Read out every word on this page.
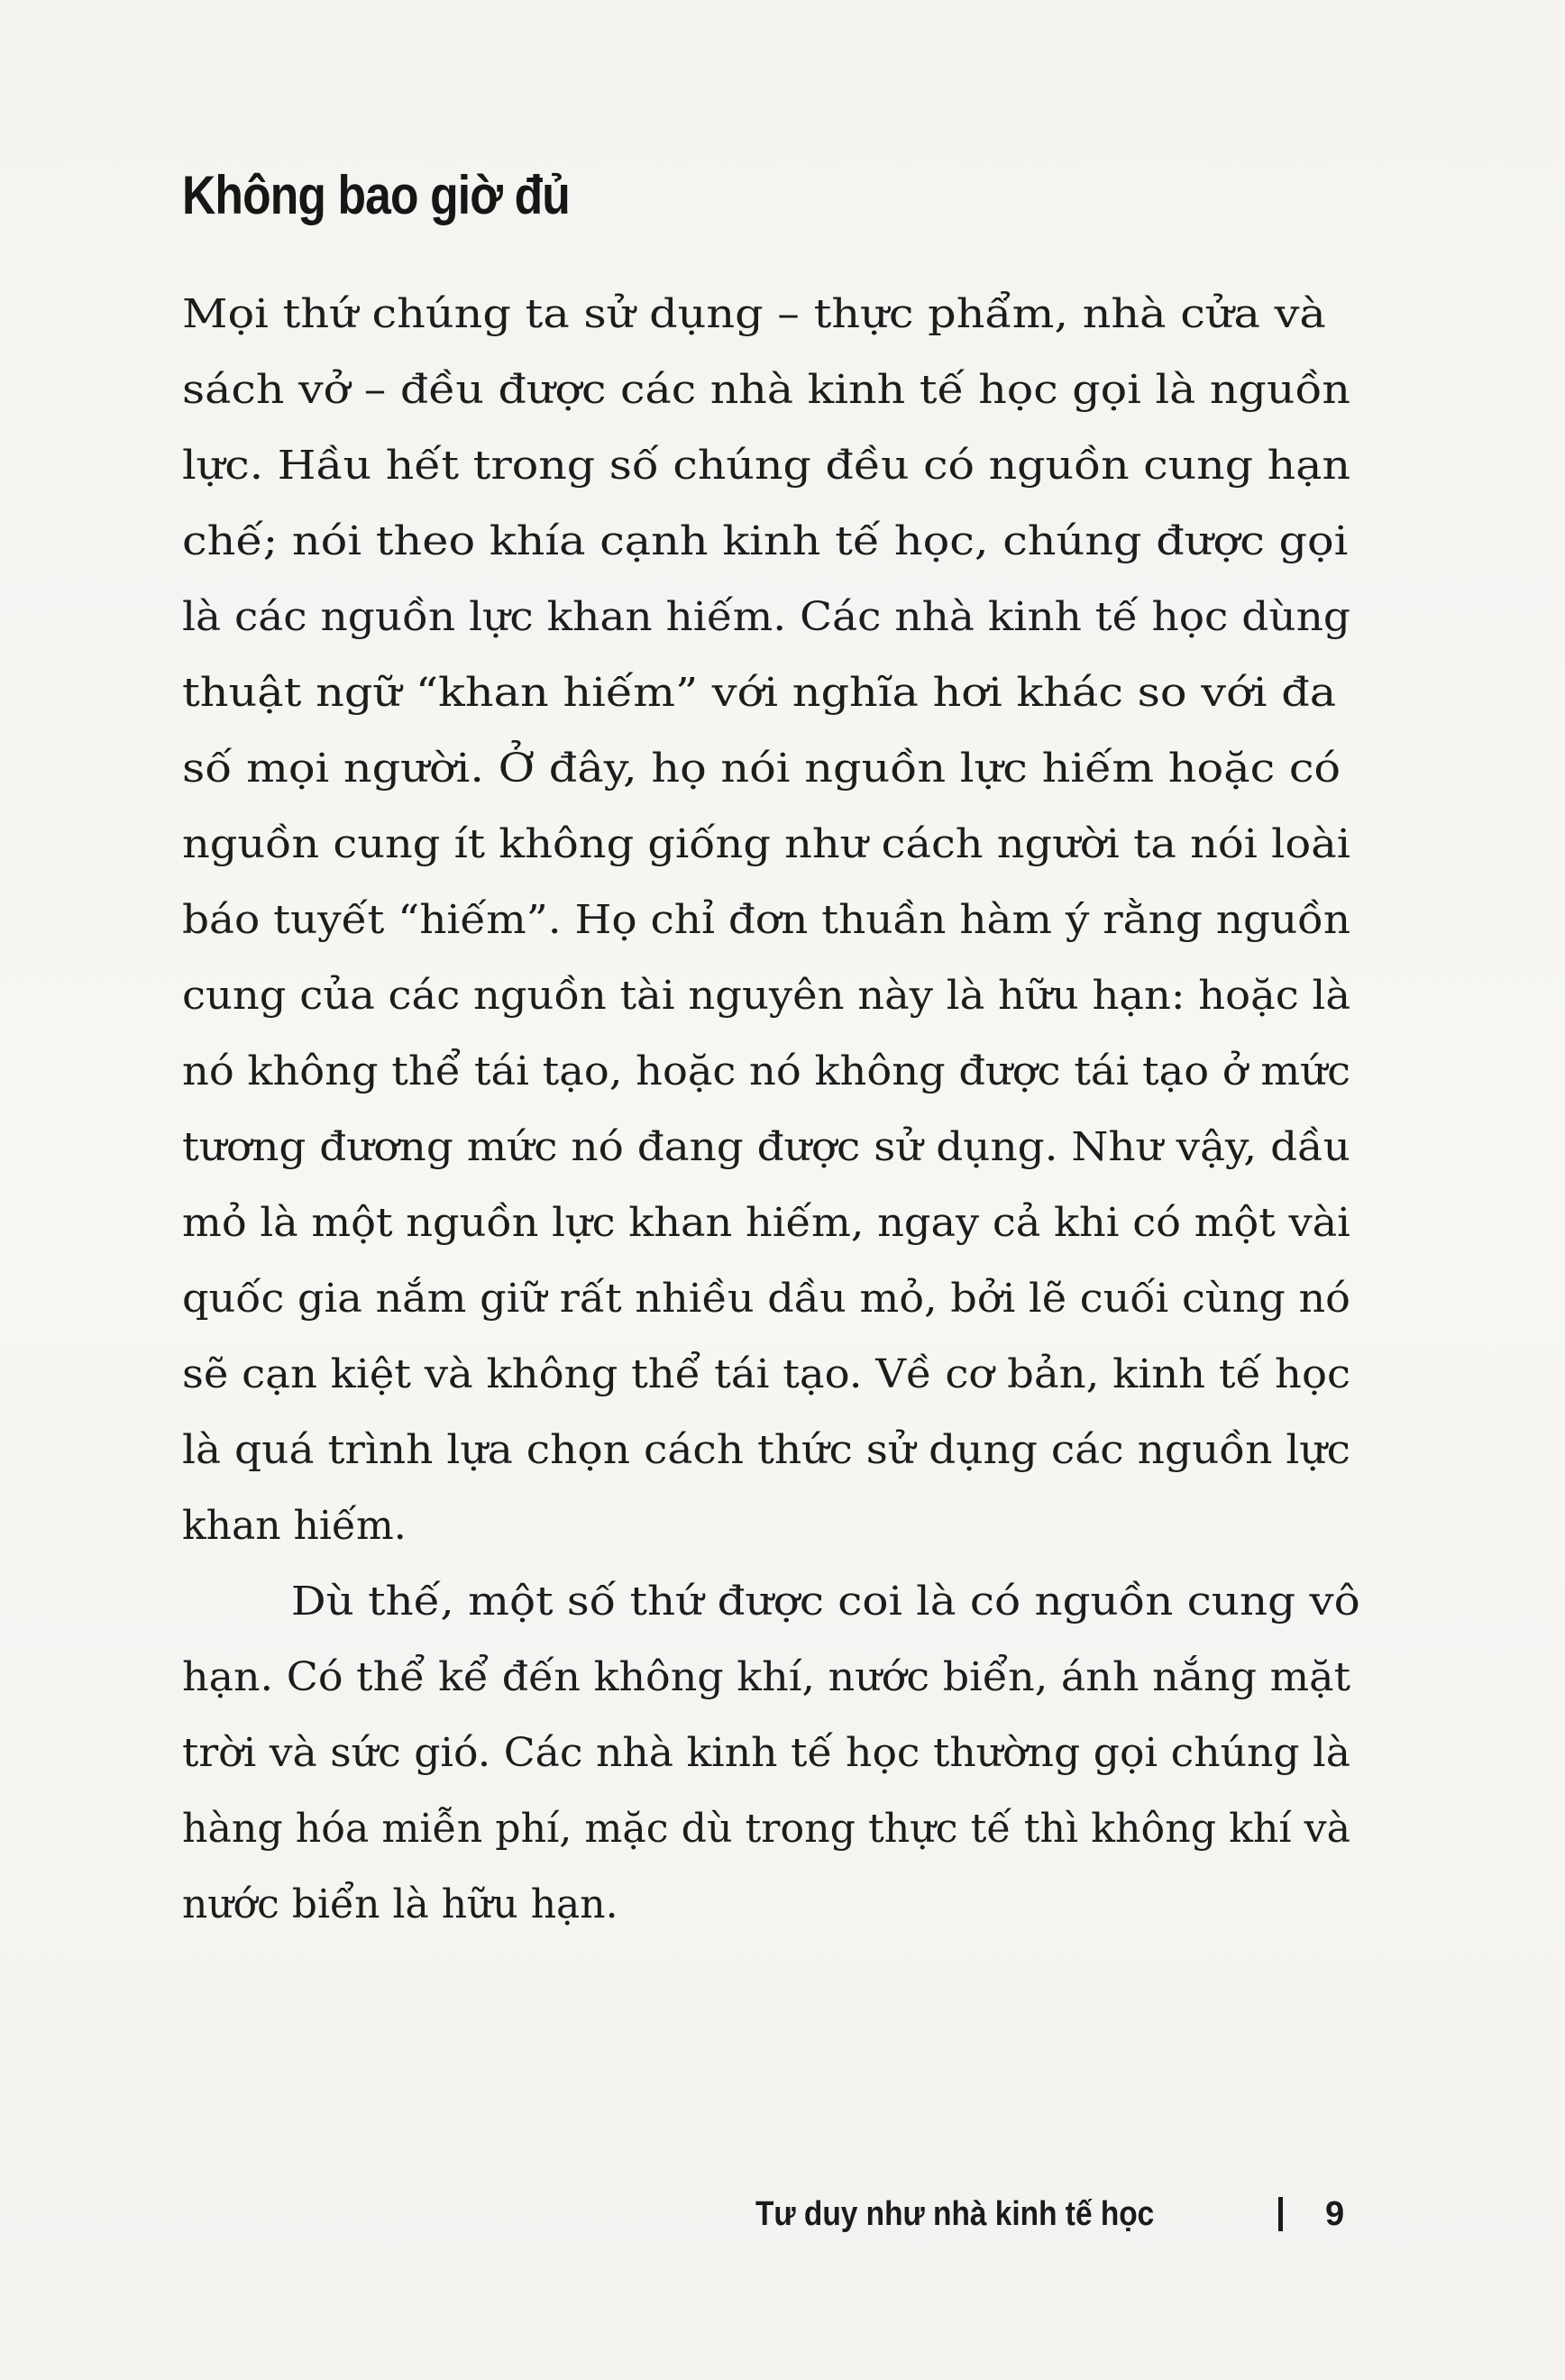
Không bao giờ đủ
Mọi thứ chúng ta sử dụng – thực phẩm, nhà cửa và
sách vở – đều được các nhà kinh tế học gọi là nguồn
lực. Hầu hết trong số chúng đều có nguồn cung hạn
chế; nói theo khía cạnh kinh tế học, chúng được gọi
là các nguồn lực khan hiếm. Các nhà kinh tế học dùng
thuật ngữ “khan hiếm” với nghĩa hơi khác so với đa
số mọi người. Ở đây, họ nói nguồn lực hiếm hoặc có
nguồn cung ít không giống như cách người ta nói loài
báo tuyết “hiếm”. Họ chỉ đơn thuần hàm ý rằng nguồn
cung của các nguồn tài nguyên này là hữu hạn: hoặc là
nó không thể tái tạo, hoặc nó không được tái tạo ở mức
tương đương mức nó đang được sử dụng. Như vậy, dầu
mỏ là một nguồn lực khan hiếm, ngay cả khi có một vài
quốc gia nắm giữ rất nhiều dầu mỏ, bởi lẽ cuối cùng nó
sẽ cạn kiệt và không thể tái tạo. Về cơ bản, kinh tế học
là quá trình lựa chọn cách thức sử dụng các nguồn lực
khan hiếm.
Dù thế, một số thứ được coi là có nguồn cung vô
hạn. Có thể kể đến không khí, nước biển, ánh nắng mặt
trời và sức gió. Các nhà kinh tế học thường gọi chúng là
hàng hóa miễn phí, mặc dù trong thực tế thì không khí và
nước biển là hữu hạn.
Tư duy như nhà kinh tế học	9
